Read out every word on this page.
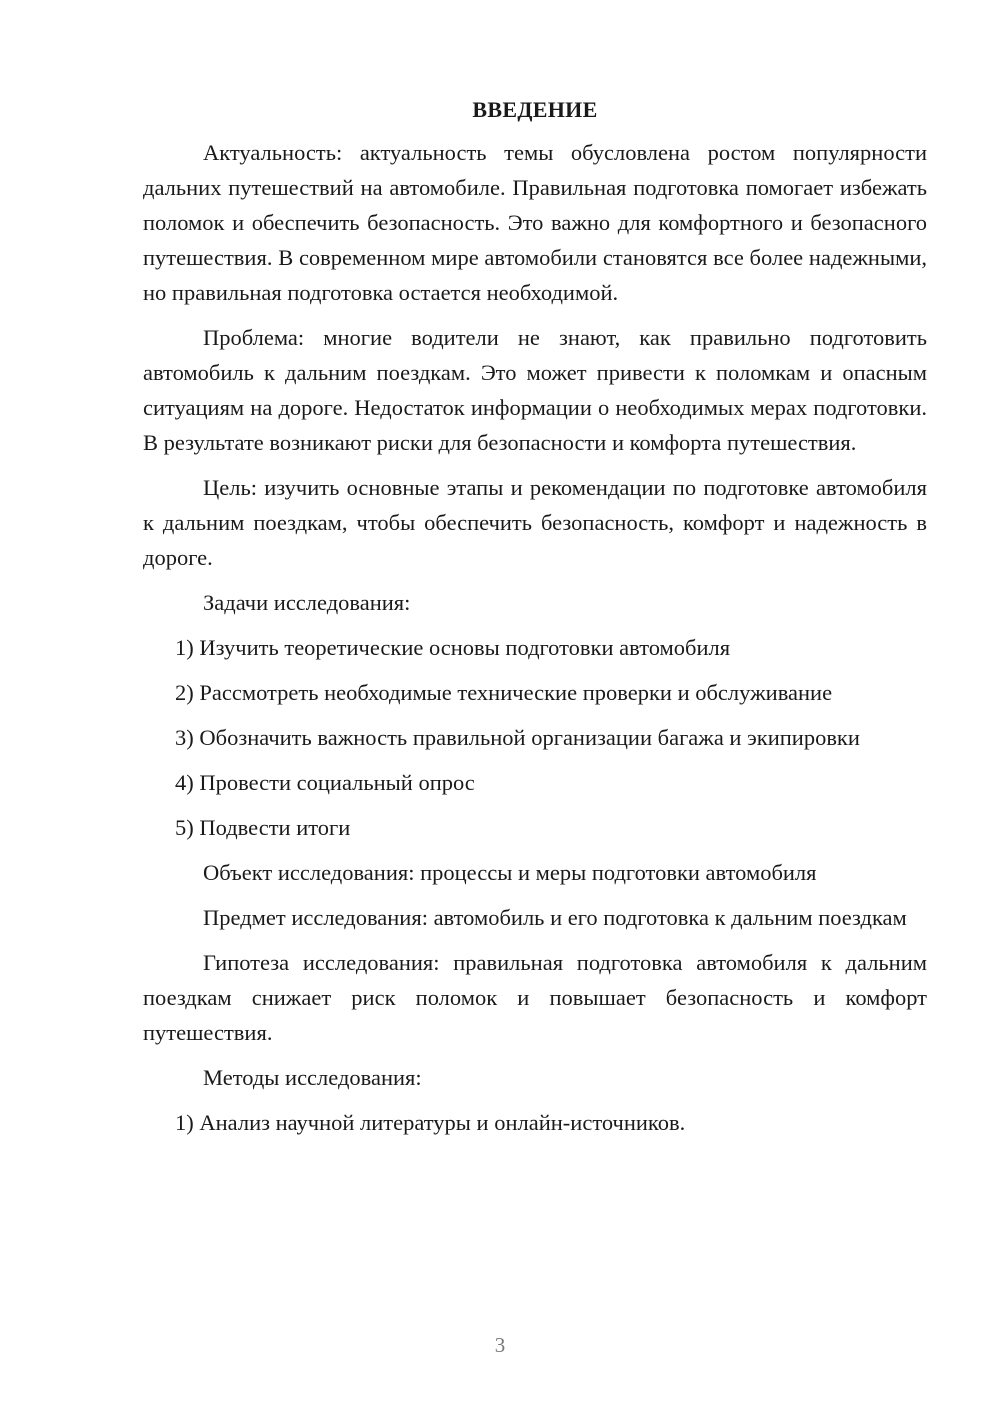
ВВЕДЕНИЕ

Актуальность: актуальность темы обусловлена ростом популярности дальних путешествий на автомобиле. Правильная подготовка помогает избежать поломок и обеспечить безопасность. Это важно для комфортного и безопасного путешествия. В современном мире автомобили становятся все более надежными, но правильная подготовка остается необходимой.

Проблема: многие водители не знают, как правильно подготовить автомобиль к дальним поездкам. Это может привести к поломкам и опасным ситуациям на дороге. Недостаток информации о необходимых мерах подготовки. В результате возникают риски для безопасности и комфорта путешествия.

Цель: изучить основные этапы и рекомендации по подготовке автомобиля к дальним поездкам, чтобы обеспечить безопасность, комфорт и надежность в дороге.

Задачи исследования:

1) Изучить теоретические основы подготовки автомобиля

2) Рассмотреть необходимые технические проверки и обслуживание

3) Обозначить важность правильной организации багажа и экипировки

4) Провести социальный опрос

5) Подвести итоги

Объект исследования: процессы и меры подготовки автомобиля

Предмет исследования: автомобиль и его подготовка к дальним поездкам

Гипотеза исследования: правильная подготовка автомобиля к дальним поездкам снижает риск поломок и повышает безопасность и комфорт путешествия.

Методы исследования:

1) Анализ научной литературы и онлайн-источников.

3
